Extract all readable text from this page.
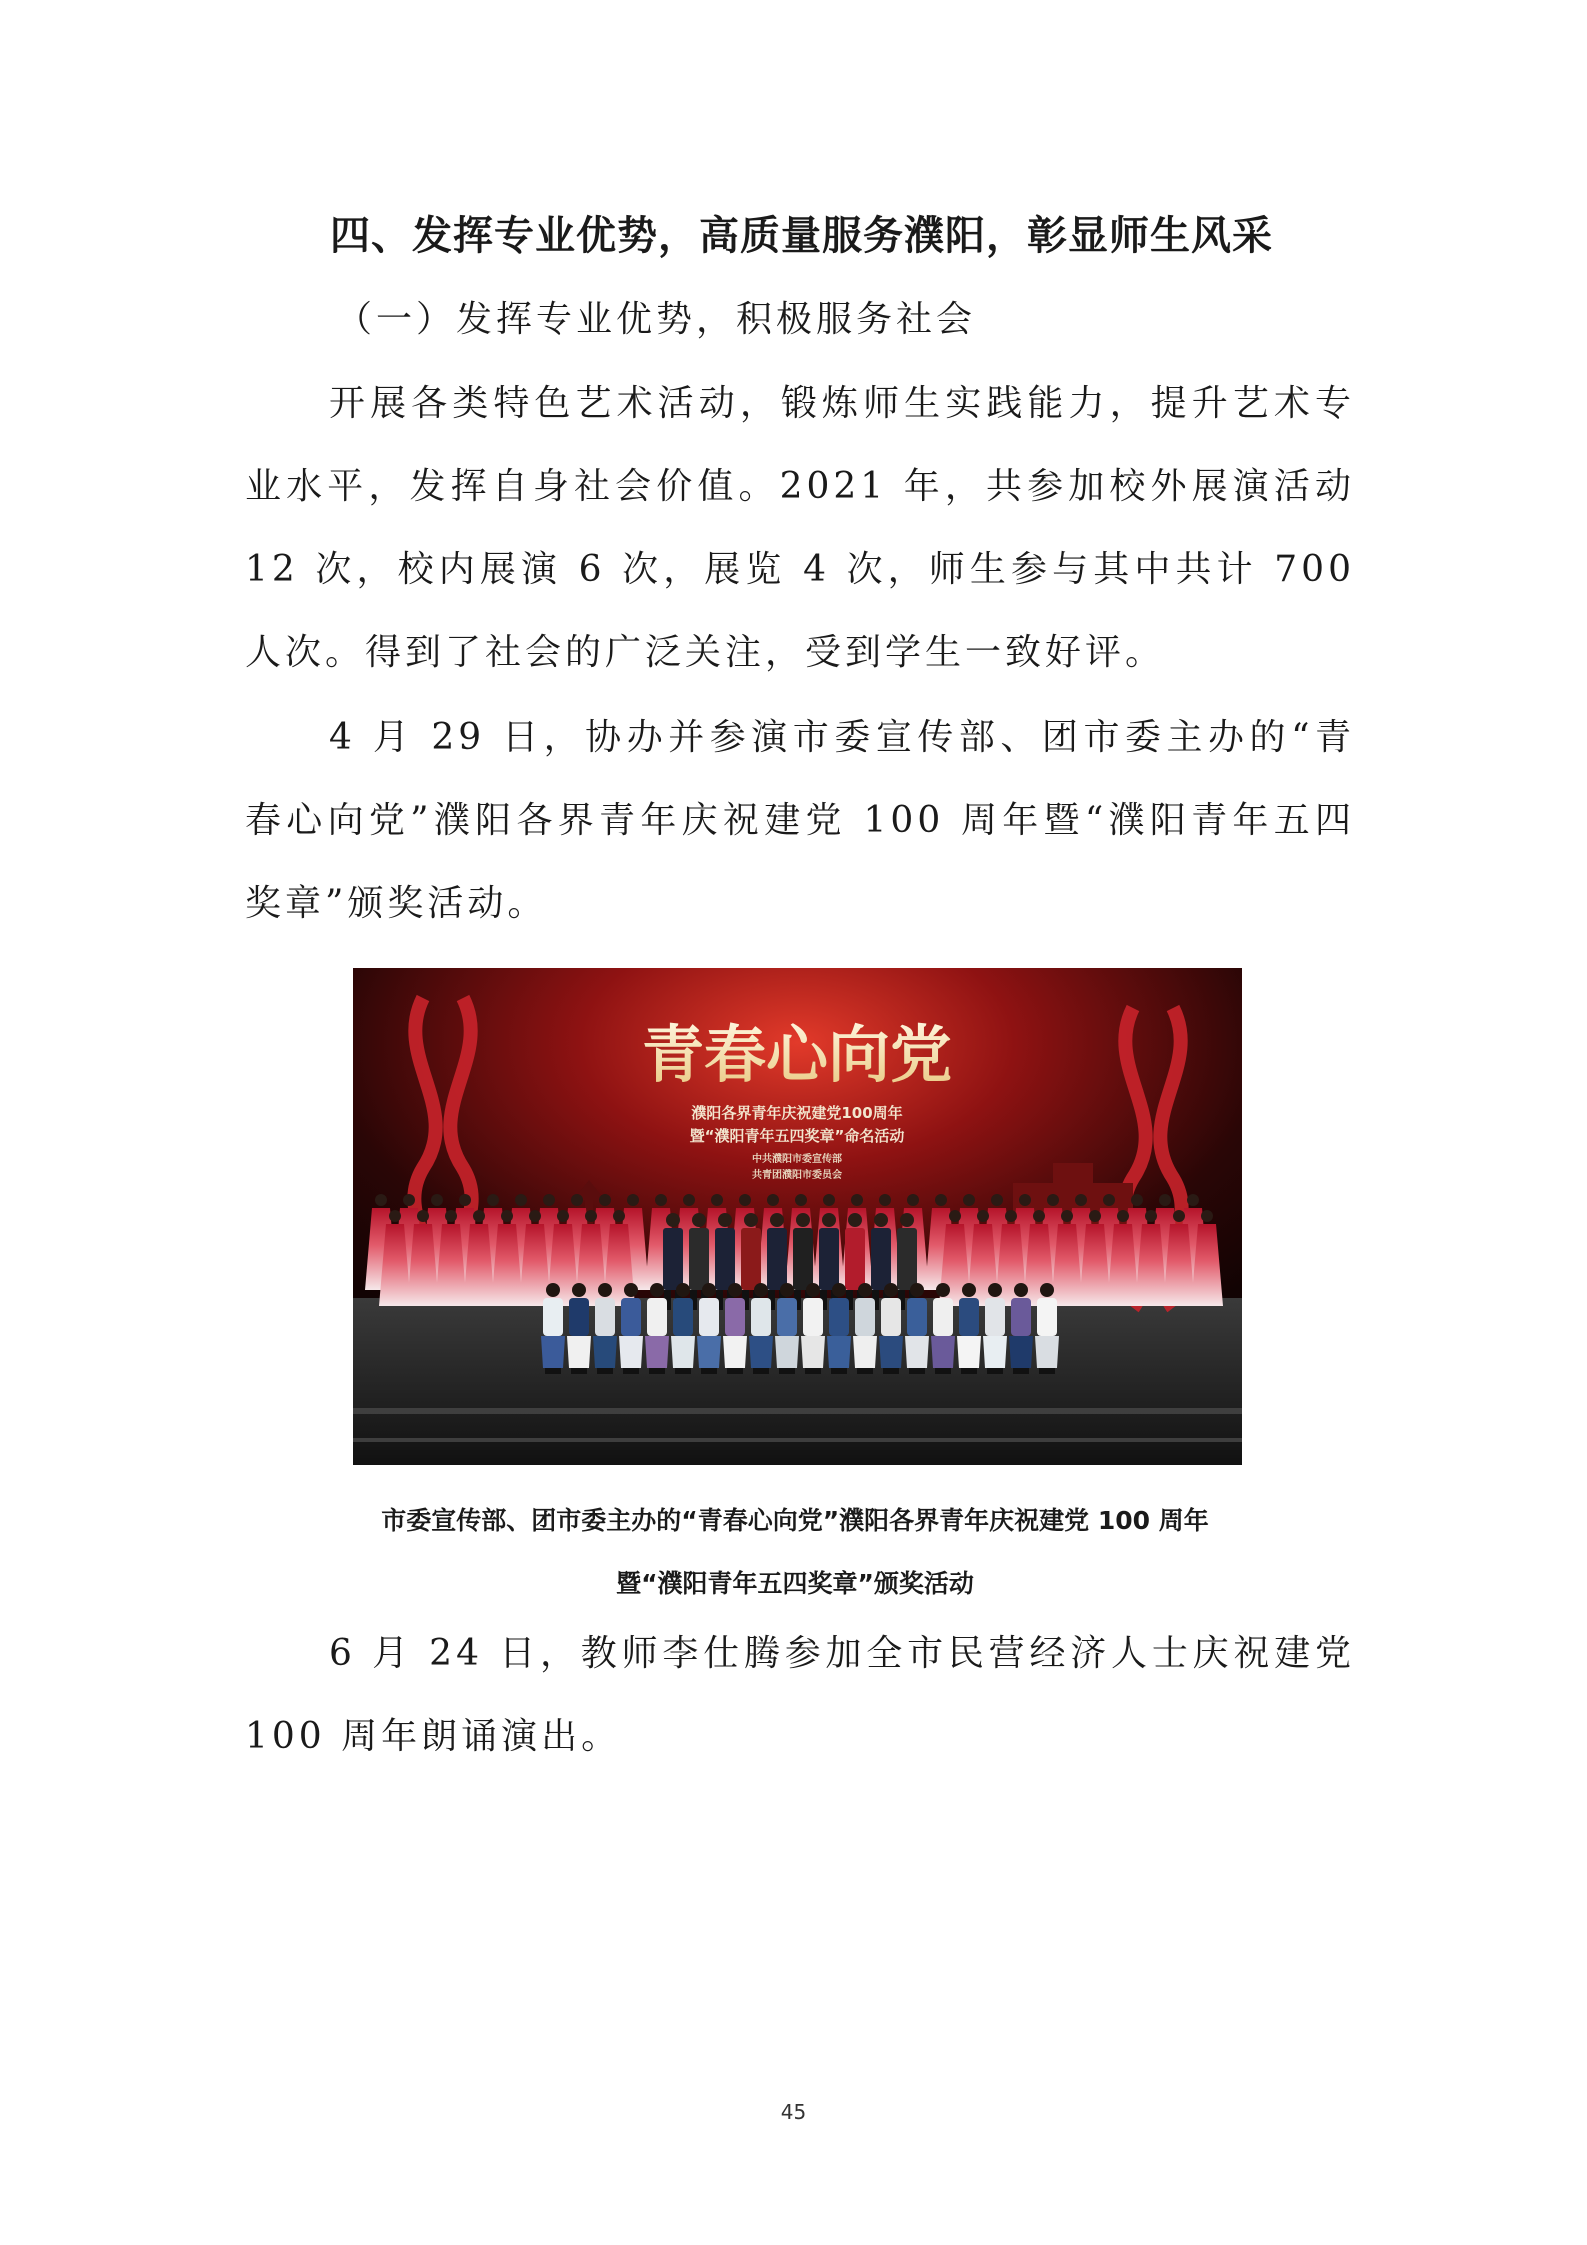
四、发挥专业优势，高质量服务濮阳，彰显师生风采
（一）发挥专业优势，积极服务社会

开展各类特色艺术活动，锻炼师生实践能力，提升艺术专业水平，发挥自身社会价值。2021 年，共参加校外展演活动 12 次，校内展演 6 次，展览 4 次，师生参与其中共计 700 人次。得到了社会的广泛关注，受到学生一致好评。

4 月 29 日，协办并参演市委宣传部、团市委主办的“青春心向党”濮阳各界青年庆祝建党 100 周年暨“濮阳青年五四奖章”颁奖活动。

青春心向党
濮阳各界青年庆祝建党100周年
暨“濮阳青年五四奖章”命名活动
中共濮阳市委宣传部
共青团濮阳市委员会
市委宣传部、团市委主办的“青春心向党”濮阳各界青年庆祝建党 100 周年
暨“濮阳青年五四奖章”颁奖活动

6 月 24 日，教师李仕腾参加全市民营经济人士庆祝建党 100 周年朗诵演出。

45
